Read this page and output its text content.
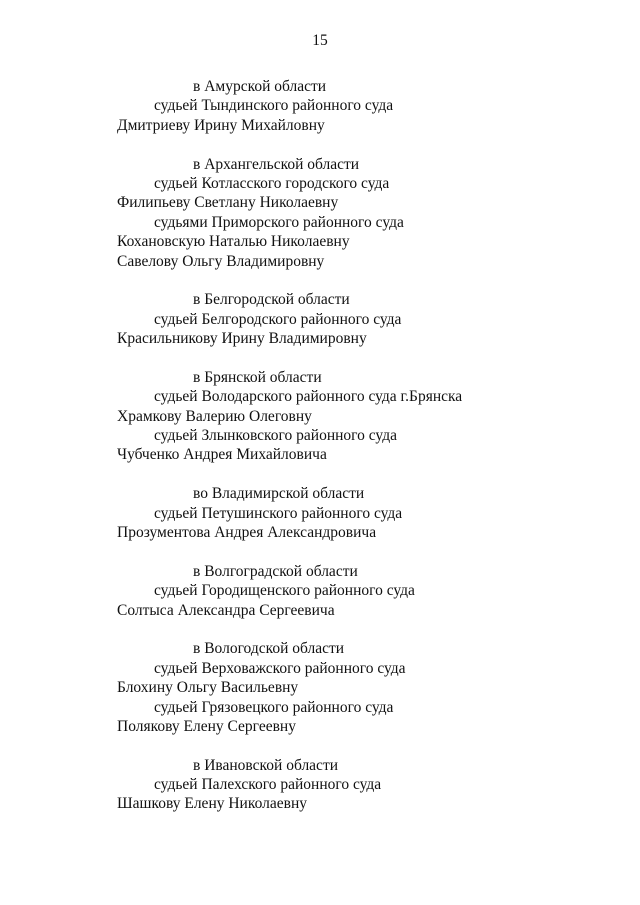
15
в Амурской области
судьей Тындинского районного суда
Дмитриеву Ирину Михайловну
в Архангельской области
судьей Котласского городского суда
Филипьеву Светлану Николаевну
судьями Приморского районного суда
Кохановскую Наталью Николаевну
Савелову Ольгу Владимировну
в Белгородской области
судьей Белгородского районного суда
Красильникову Ирину Владимировну
в Брянской области
судьей Володарского районного суда г.Брянска
Храмкову Валерию Олеговну
судьей Злынковского районного суда
Чубченко Андрея Михайловича
во Владимирской области
судьей Петушинского районного суда
Прозументова Андрея Александровича
в Волгоградской области
судьей Городищенского районного суда
Солтыса Александра Сергеевича
в Вологодской области
судьей Верховажского районного суда
Блохину Ольгу Васильевну
судьей Грязовецкого районного суда
Полякову Елену Сергеевну
в Ивановской области
судьей Палехского районного суда
Шашкову Елену Николаевну
